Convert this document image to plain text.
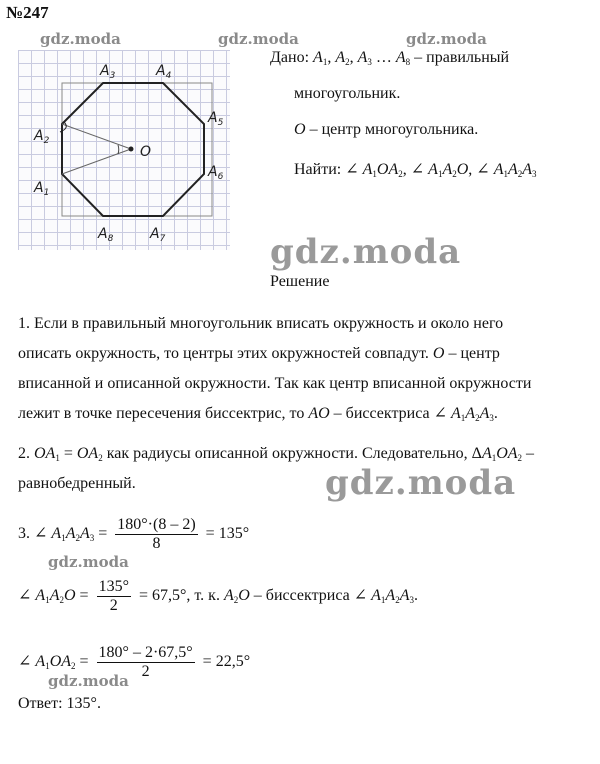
№247
gdz.moda	gdz.moda	gdz.moda
gdz.moda
gdz.moda
gdz.moda
gdz.moda
$A_1$
$A_2$
$A_3$	$A_4$
$A_5$
$A_6$
$A_7$
$A_8$
O
Дано: $A_1$, $A_2$, $A_3$ … $A_8$ – правильный
многоугольник.
O – центр многоугольника.
Найти: ∠ $A_1OA_2$, ∠ $A_1A_2O$, ∠ $A_1A_2A_3$
Решение
1. Если в правильный многоугольник вписать окружность и около него
описать окружность, то центры этих окружностей совпадут. O – центр
вписанной и описанной окружности. Так как центр вписанной окружности
лежит в точке пересечения биссектрис, то AO – биссектриса ∠ $A_1A_2A_3$.
2. $OA_1 = OA_2$ как радиусы описанной окружности. Следовательно, $\Delta A_1OA_2$ –
равнобедренный.
3. ∠ $A_1A_2A_3 = \frac{180^\circ\cdot(8 - 2)}{8} = 135^\circ$
∠ $A_1A_2O = \frac{135^\circ}{2} = 67,5^\circ$, т. к. $A_2O$ – биссектриса ∠ $A_1A_2A_3$.
∠ $A_1OA_2 = \frac{180^\circ - 2\cdot 67,5^\circ}{2} = 22,5^\circ$
Ответ: 135°.
